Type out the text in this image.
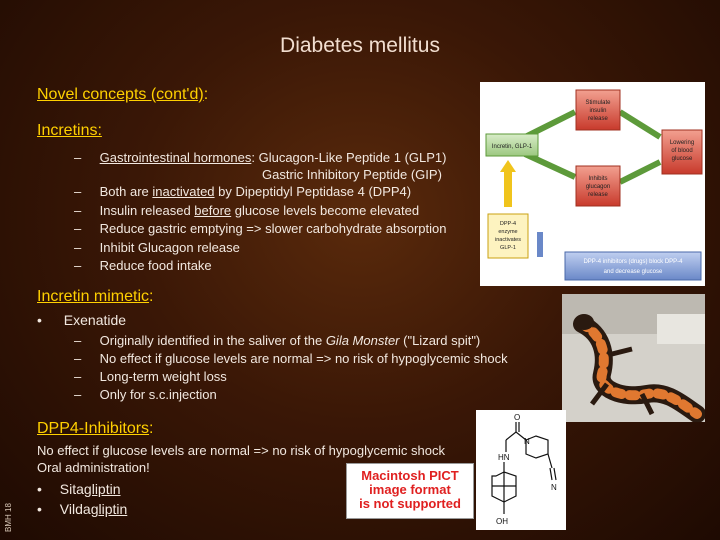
Diabetes mellitus
Novel concepts (cont'd):
Incretins:
– Gastrointestinal hormones: Glucagon-Like Peptide 1 (GLP1)
Gastric Inhibitory Peptide (GIP)
– Both are inactivated by Dipeptidyl Peptidase 4 (DPP4)
– Insulin released before glucose levels become elevated
– Reduce gastric emptying => slower carbohydrate absorption
– Inhibit Glucagon release
– Reduce food intake
Stimulate
insulin
release
Incretin, GLP-1
Lowering
of blood
glucose
Inhibits
glucagon
release
DPP-4
enzyme
inactivates
GLP-1
DPP-4 inhibitors (drugs) block DPP-4
and decrease glucose
Incretin mimetic:
• Exenatide
– Originally identified in the saliver of the Gila Monster ("Lizard spit")
– No effect if glucose levels are normal => no risk of hypoglycemic shock
– Long-term weight loss
– Only for s.c.injection
DPP4-Inhibitors:
No effect if glucose levels are normal => no risk of hypoglycemic shock
Oral administration!
• Sitagliptin
• Vildagliptin
BMH 18
Macintosh PICT
image format
is not supported
O
N
HN
N
OH
